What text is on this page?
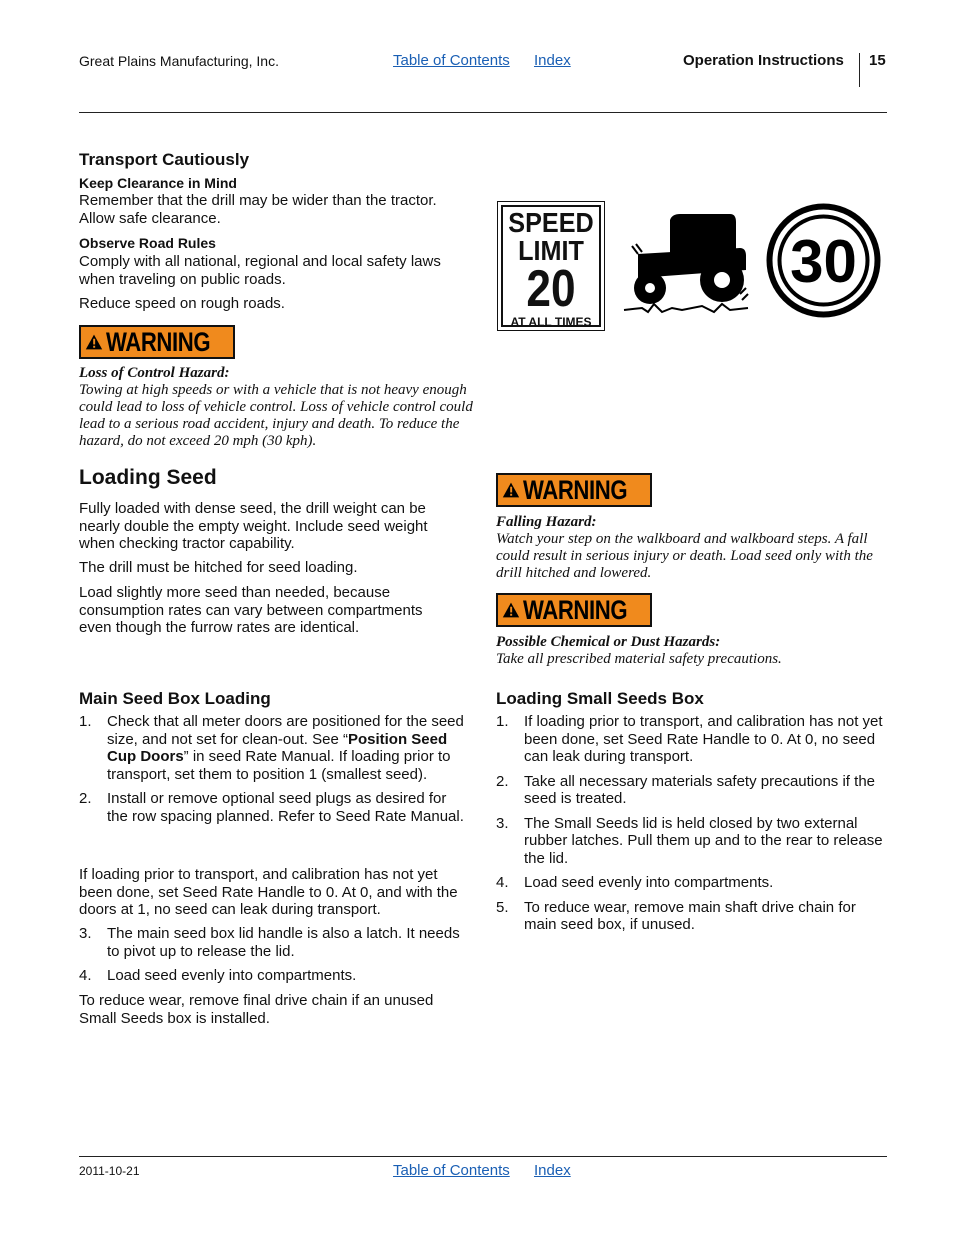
Great Plains Manufacturing, Inc.	Table of Contents Index	Operation Instructions 15
Transport Cautiously
Keep Clearance in Mind

Remember that the drill may be wider than the tractor. Allow safe clearance.

Observe Road Rules

Comply with all national, regional and local safety laws when traveling on public roads.

Reduce speed on rough roads.

WARNING

Loss of Control Hazard:

Towing at high speeds or with a vehicle that is not heavy enough could lead to loss of vehicle control. Loss of vehicle control could lead to a serious road accident, injury and death. To reduce the hazard, do not exceed 20 mph (30 kph).

SPEED
LIMIT
20
AT ALL TIMES
30
Loading Seed

Fully loaded with dense seed, the drill weight can be nearly double the empty weight. Include seed weight when checking tractor capability.

The drill must be hitched for seed loading.

Load slightly more seed than needed, because consumption rates can vary between compartments even though the furrow rates are identical.

WARNING

Falling Hazard:

Watch your step on the walkboard and walkboard steps. A fall could result in serious injury or death. Load seed only with the drill hitched and lowered.

WARNING

Possible Chemical or Dust Hazards:

Take all prescribed material safety precautions.

Main Seed Box Loading
1. Check that all meter doors are positioned for the seed size, and not set for clean-out. See “Position Seed Cup Doors” in seed Rate Manual. If loading prior to transport, set them to position 1 (smallest seed).
2. Install or remove optional seed plugs as desired for the row spacing planned. Refer to Seed Rate Manual.

If loading prior to transport, and calibration has not yet been done, set Seed Rate Handle to 0. At 0, and with the doors at 1, no seed can leak during transport.

3. The main seed box lid handle is also a latch. It needs to pivot up to release the lid.
4. Load seed evenly into compartments.

To reduce wear, remove final drive chain if an unused Small Seeds box is installed.

Loading Small Seeds Box
1. If loading prior to transport, and calibration has not yet been done, set Seed Rate Handle to 0. At 0, no seed can leak during transport.
2. Take all necessary materials safety precautions if the seed is treated.
3. The Small Seeds lid is held closed by two external rubber latches. Pull them up and to the rear to release the lid.
4. Load seed evenly into compartments.
5. To reduce wear, remove main shaft drive chain for main seed box, if unused.
2011-10-21	Table of Contents Index
